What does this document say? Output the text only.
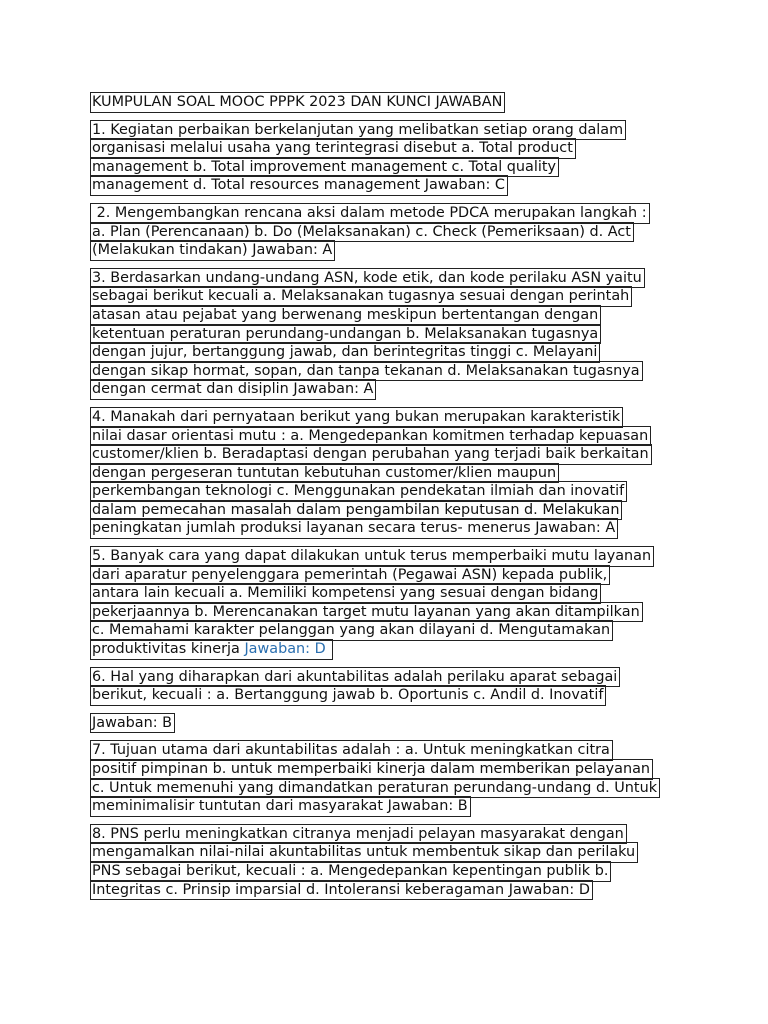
KUMPULAN SOAL MOOC PPPK 2023 DAN KUNCI JAWABAN
1. Kegiatan perbaikan berkelanjutan yang melibatkan setiap orang dalam
organisasi melalui usaha yang terintegrasi disebut a. Total product
management b. Total improvement management c. Total quality
management d. Total resources management Jawaban: C
2. Mengembangkan rencana aksi dalam metode PDCA merupakan langkah :
a. Plan (Perencanaan) b. Do (Melaksanakan) c. Check (Pemeriksaan) d. Act
(Melakukan tindakan) Jawaban: A
3. Berdasarkan undang-undang ASN, kode etik, dan kode perilaku ASN yaitu
sebagai berikut kecuali a. Melaksanakan tugasnya sesuai dengan perintah
atasan atau pejabat yang berwenang meskipun bertentangan dengan
ketentuan peraturan perundang-undangan b. Melaksanakan tugasnya
dengan jujur, bertanggung jawab, dan berintegritas tinggi c. Melayani
dengan sikap hormat, sopan, dan tanpa tekanan d. Melaksanakan tugasnya
dengan cermat dan disiplin Jawaban: A
4. Manakah dari pernyataan berikut yang bukan merupakan karakteristik
nilai dasar orientasi mutu : a. Mengedepankan komitmen terhadap kepuasan
customer/klien b. Beradaptasi dengan perubahan yang terjadi baik berkaitan
dengan pergeseran tuntutan kebutuhan customer/klien maupun
perkembangan teknologi c. Menggunakan pendekatan ilmiah dan inovatif
dalam pemecahan masalah dalam pengambilan keputusan d. Melakukan
peningkatan jumlah produksi layanan secara terus- menerus Jawaban: A
5. Banyak cara yang dapat dilakukan untuk terus memperbaiki mutu layanan
dari aparatur penyelenggara pemerintah (Pegawai ASN) kepada publik,
antara lain kecuali a. Memiliki kompetensi yang sesuai dengan bidang
pekerjaannya b. Merencanakan target mutu layanan yang akan ditampilkan
c. Memahami karakter pelanggan yang akan dilayani d. Mengutamakan
produktivitas kinerja Jawaban: D
6. Hal yang diharapkan dari akuntabilitas adalah perilaku aparat sebagai
berikut, kecuali : a. Bertanggung jawab b. Oportunis c. Andil d. Inovatif
Jawaban: B
7. Tujuan utama dari akuntabilitas adalah : a. Untuk meningkatkan citra
positif pimpinan b. untuk memperbaiki kinerja dalam memberikan pelayanan
c. Untuk memenuhi yang dimandatkan peraturan perundang-undang d. Untuk
meminimalisir tuntutan dari masyarakat Jawaban: B
8. PNS perlu meningkatkan citranya menjadi pelayan masyarakat dengan
mengamalkan nilai-nilai akuntabilitas untuk membentuk sikap dan perilaku
PNS sebagai berikut, kecuali : a. Mengedepankan kepentingan publik b.
Integritas c. Prinsip imparsial d. Intoleransi keberagaman Jawaban: D
